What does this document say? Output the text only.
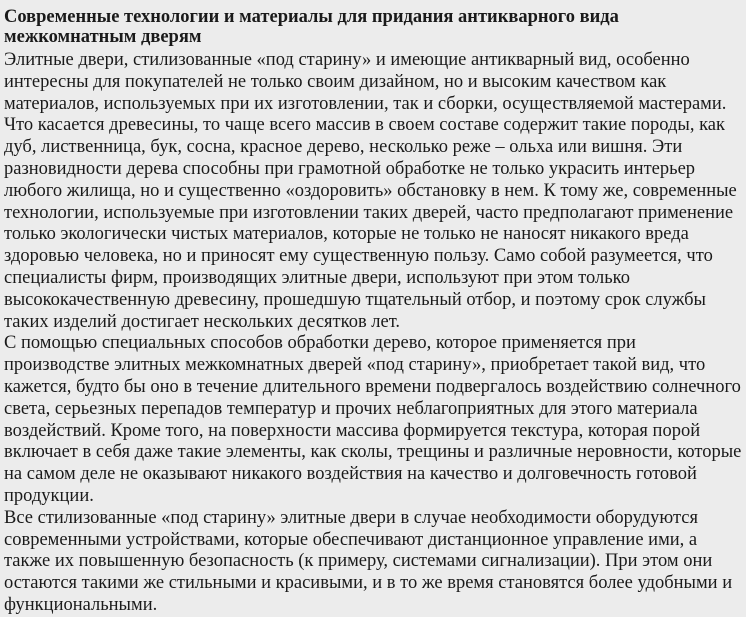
Современные технологии и материалы для придания антикварного вида межкомнатным дверям

Элитные двери, стилизованные «под старину» и имеющие антикварный вид, особенно интересны для покупателей не только своим дизайном, но и высоким качеством как материалов, используемых при их изготовлении, так и сборки, осуществляемой мастерами. Что касается древесины, то чаще всего массив в своем составе содержит такие породы, как дуб, лиственница, бук, сосна, красное дерево, несколько реже – ольха или вишня. Эти разновидности дерева способны при грамотной обработке не только украсить интерьер любого жилища, но и существенно «оздоровить» обстановку в нем. К тому же, современные технологии, используемые при изготовлении таких дверей, часто предполагают применение только экологически чистых материалов, которые не только не наносят никакого вреда здоровью человека, но и приносят ему существенную пользу. Само собой разумеется, что специалисты фирм, производящих элитные двери, используют при этом только высококачественную древесину, прошедшую тщательный отбор, и поэтому срок службы таких изделий достигает нескольких десятков лет.

С помощью специальных способов обработки дерево, которое применяется при производстве элитных межкомнатных дверей «под старину», приобретает такой вид, что кажется, будто бы оно в течение длительного времени подвергалось воздействию солнечного света, серьезных перепадов температур и прочих неблагоприятных для этого материала воздействий. Кроме того, на поверхности массива формируется текстура, которая порой включает в себя даже такие элементы, как сколы, трещины и различные неровности, которые на самом деле не оказывают никакого воздействия на качество и долговечность готовой продукции.

Все стилизованные «под старину» элитные двери в случае необходимости оборудуются современными устройствами, которые обеспечивают дистанционное управление ими, а также их повышенную безопасность (к примеру, системами сигнализации). При этом они остаются такими же стильными и красивыми, и в то же время становятся более удобными и функциональными.
